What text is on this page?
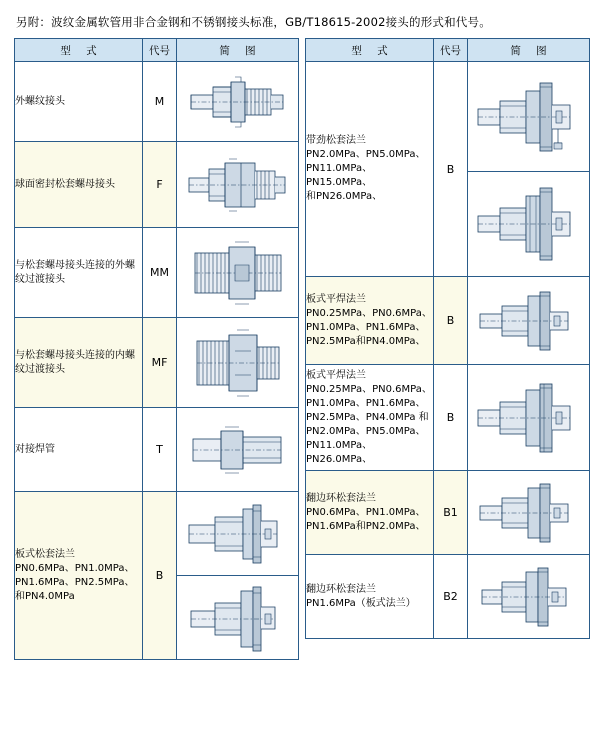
另附：波纹金属软管用非合金钢和不锈钢接头标准，GB/T18615-2002接头的形式和代号。
型 式	代号	简 图
外螺纹接头	M	

球面密封松套螺母接头	F	

与松套螺母接头连接的外螺纹过渡接头	MM	

与松套螺母接头连接的内螺纹过渡接头	MF	

对接焊管	T	

板式松套法兰
PN0.6MPa、PN1.0MPa、
PN1.6MPa、PN2.5MPa、
和PN4.0MPa	B	

型 式	代号	简 图
带劲松套法兰
PN2.0MPa、PN5.0MPa、
PN11.0MPa、PN15.0MPa、
和PN26.0MPa、	B	

板式平焊法兰
PN0.25MPa、PN0.6MPa、
PN1.0MPa、PN1.6MPa、
PN2.5MPa和PN4.0MPa、	B	

板式平焊法兰
PN0.25MPa、PN0.6MPa、
PN1.0MPa、PN1.6MPa、
PN2.5MPa、PN4.0MPa 和
PN2.0MPa、PN5.0MPa、
PN11.0MPa、PN26.0MPa、	B	

翻边环松套法兰
PN0.6MPa、PN1.0MPa、
PN1.6MPa和PN2.0MPa、	B1	

翻边环松套法兰
PN1.6MPa（板式法兰）	B2	
